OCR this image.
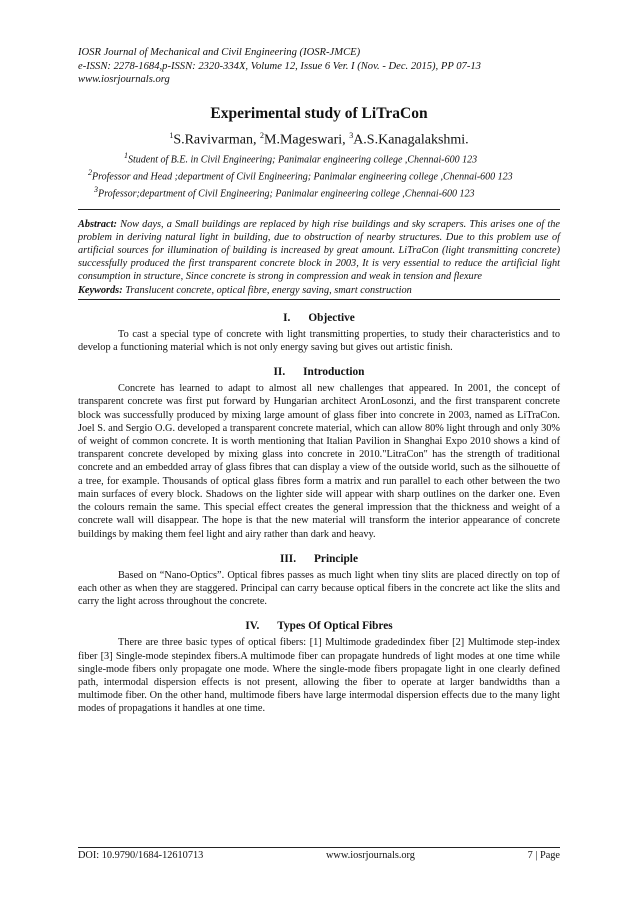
IOSR Journal of Mechanical and Civil Engineering (IOSR-JMCE)
e-ISSN: 2278-1684,p-ISSN: 2320-334X, Volume 12, Issue 6 Ver. I (Nov. - Dec. 2015), PP 07-13
www.iosrjournals.org
Experimental study of LiTraCon
$^1$S.Ravivarman, $^2$M.Mageswari, $^3$A.S.Kanagalakshmi.
$^1$Student of B.E. in Civil Engineering; Panimalar engineering college ,Chennai-600 123
$^2$Professor and Head ;department of Civil Engineering; Panimalar engineering college ,Chennai-600 123
$^3$Professor;department of Civil Engineering; Panimalar engineering college ,Chennai-600 123

Abstract: Now days, a Small buildings are replaced by high rise buildings and sky scrapers. This arises one of the problem in deriving natural light in building, due to obstruction of nearby structures. Due to this problem use of artificial sources for illumination of building is increased by great amount. LiTraCon (light transmitting concrete) successfully produced the first transparent concrete block in 2003, It is very essential to reduce the artificial light consumption in structure, Since concrete is strong in compression and weak in tension and flexure

Keywords: Translucent concrete, optical fibre, energy saving, smart construction

I. Objective

To cast a special type of concrete with light transmitting properties, to study their characteristics and to develop a functioning material which is not only energy saving but gives out artistic finish.

II. Introduction

Concrete has learned to adapt to almost all new challenges that appeared. In 2001, the concept of transparent concrete was first put forward by Hungarian architect AronLosonzi, and the first transparent concrete block was successfully produced by mixing large amount of glass fiber into concrete in 2003, named as LiTraCon. Joel S. and Sergio O.G. developed a transparent concrete material, which can allow 80% light through and only 30% of weight of common concrete. It is worth mentioning that Italian Pavilion in Shanghai Expo 2010 shows a kind of transparent concrete developed by mixing glass into concrete in 2010."LitraCon" has the strength of traditional concrete and an embedded array of glass fibres that can display a view of the outside world, such as the silhouette of a tree, for example. Thousands of optical glass fibres form a matrix and run parallel to each other between the two main surfaces of every block. Shadows on the lighter side will appear with sharp outlines on the darker one. Even the colours remain the same. This special effect creates the general impression that the thickness and weight of a concrete wall will disappear. The hope is that the new material will transform the interior appearance of concrete buildings by making them feel light and airy rather than dark and heavy.

III. Principle

Based on “Nano-Optics”. Optical fibres passes as much light when tiny slits are placed directly on top of each other as when they are staggered. Principal can carry because optical fibers in the concrete act like the slits and carry the light across throughout the concrete.

IV. Types Of Optical Fibres

There are three basic types of optical fibers: [1] Multimode gradedindex fiber [2] Multimode step-index fiber [3] Single-mode stepindex fibers.A multimode fiber can propagate hundreds of light modes at one time while single-mode fibers only propagate one mode. Where the single-mode fibers propagate light in one clearly defined path, intermodal dispersion effects is not present, allowing the fiber to operate at larger bandwidths than a multimode fiber. On the other hand, multimode fibers have large intermodal dispersion effects due to the many light modes of propagations it handles at one time.

DOI: 10.9790/1684-12610713	www.iosrjournals.org	7 | Page
